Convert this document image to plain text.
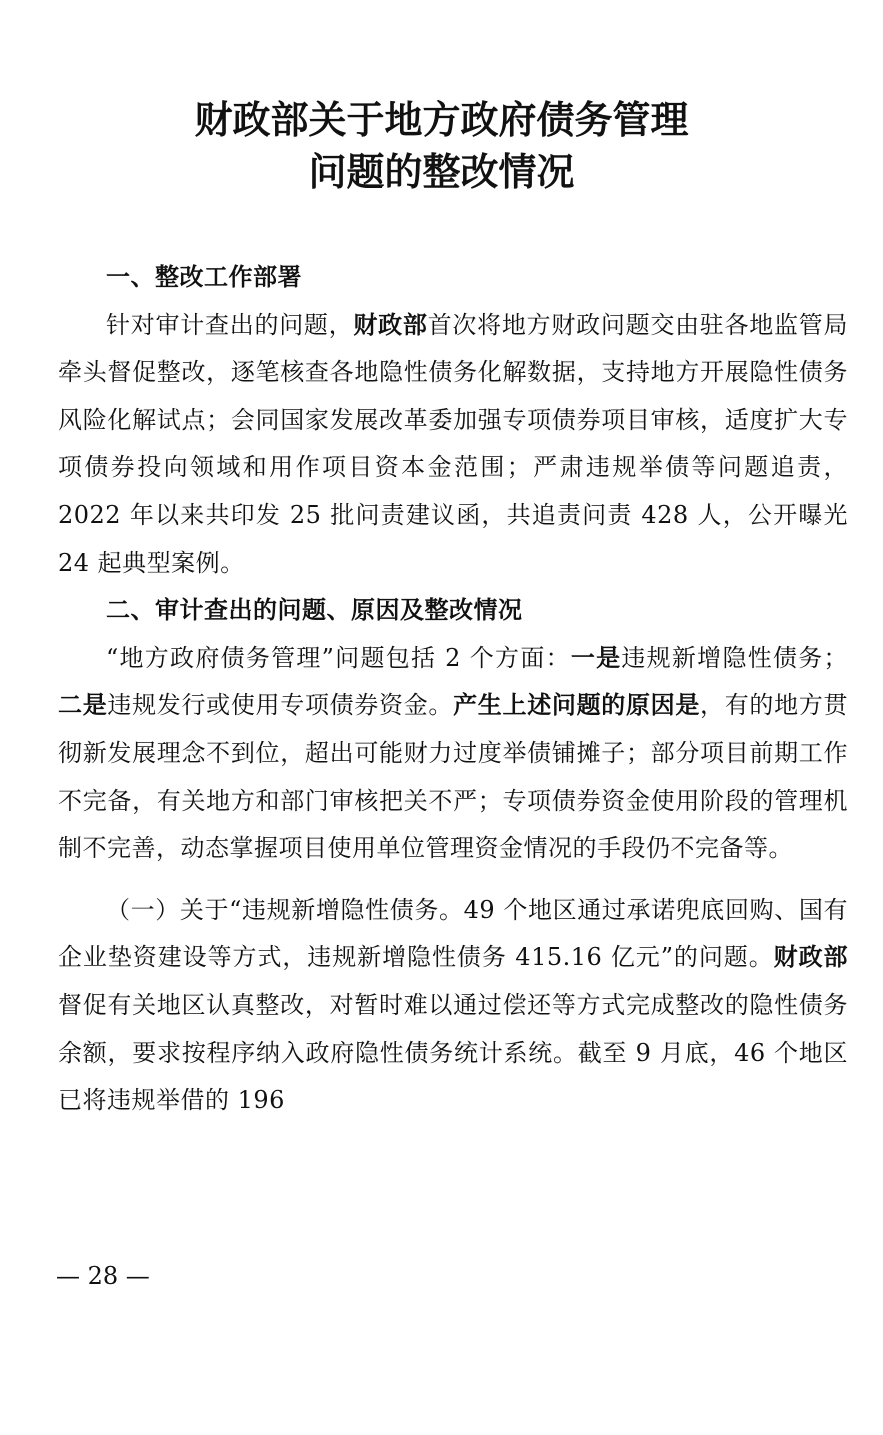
财政部关于地方政府债务管理
问题的整改情况

一、整改工作部署

针对审计查出的问题，财政部首次将地方财政问题交由驻各地监管局牵头督促整改，逐笔核查各地隐性债务化解数据，支持地方开展隐性债务风险化解试点；会同国家发展改革委加强专项债券项目审核，适度扩大专项债券投向领域和用作项目资本金范围；严肃违规举债等问题追责，2022 年以来共印发 25 批问责建议函，共追责问责 428 人，公开曝光 24 起典型案例。

二、审计查出的问题、原因及整改情况

“地方政府债务管理”问题包括 2 个方面：一是违规新增隐性债务；二是违规发行或使用专项债券资金。产生上述问题的原因是，有的地方贯彻新发展理念不到位，超出可能财力过度举债铺摊子；部分项目前期工作不完备，有关地方和部门审核把关不严；专项债券资金使用阶段的管理机制不完善，动态掌握项目使用单位管理资金情况的手段仍不完备等。

（一）关于“违规新增隐性债务。49 个地区通过承诺兜底回购、国有企业垫资建设等方式，违规新增隐性债务 415.16 亿元”的问题。财政部督促有关地区认真整改，对暂时难以通过偿还等方式完成整改的隐性债务余额，要求按程序纳入政府隐性债务统计系统。截至 9 月底，46 个地区已将违规举借的 196

— 28 —
